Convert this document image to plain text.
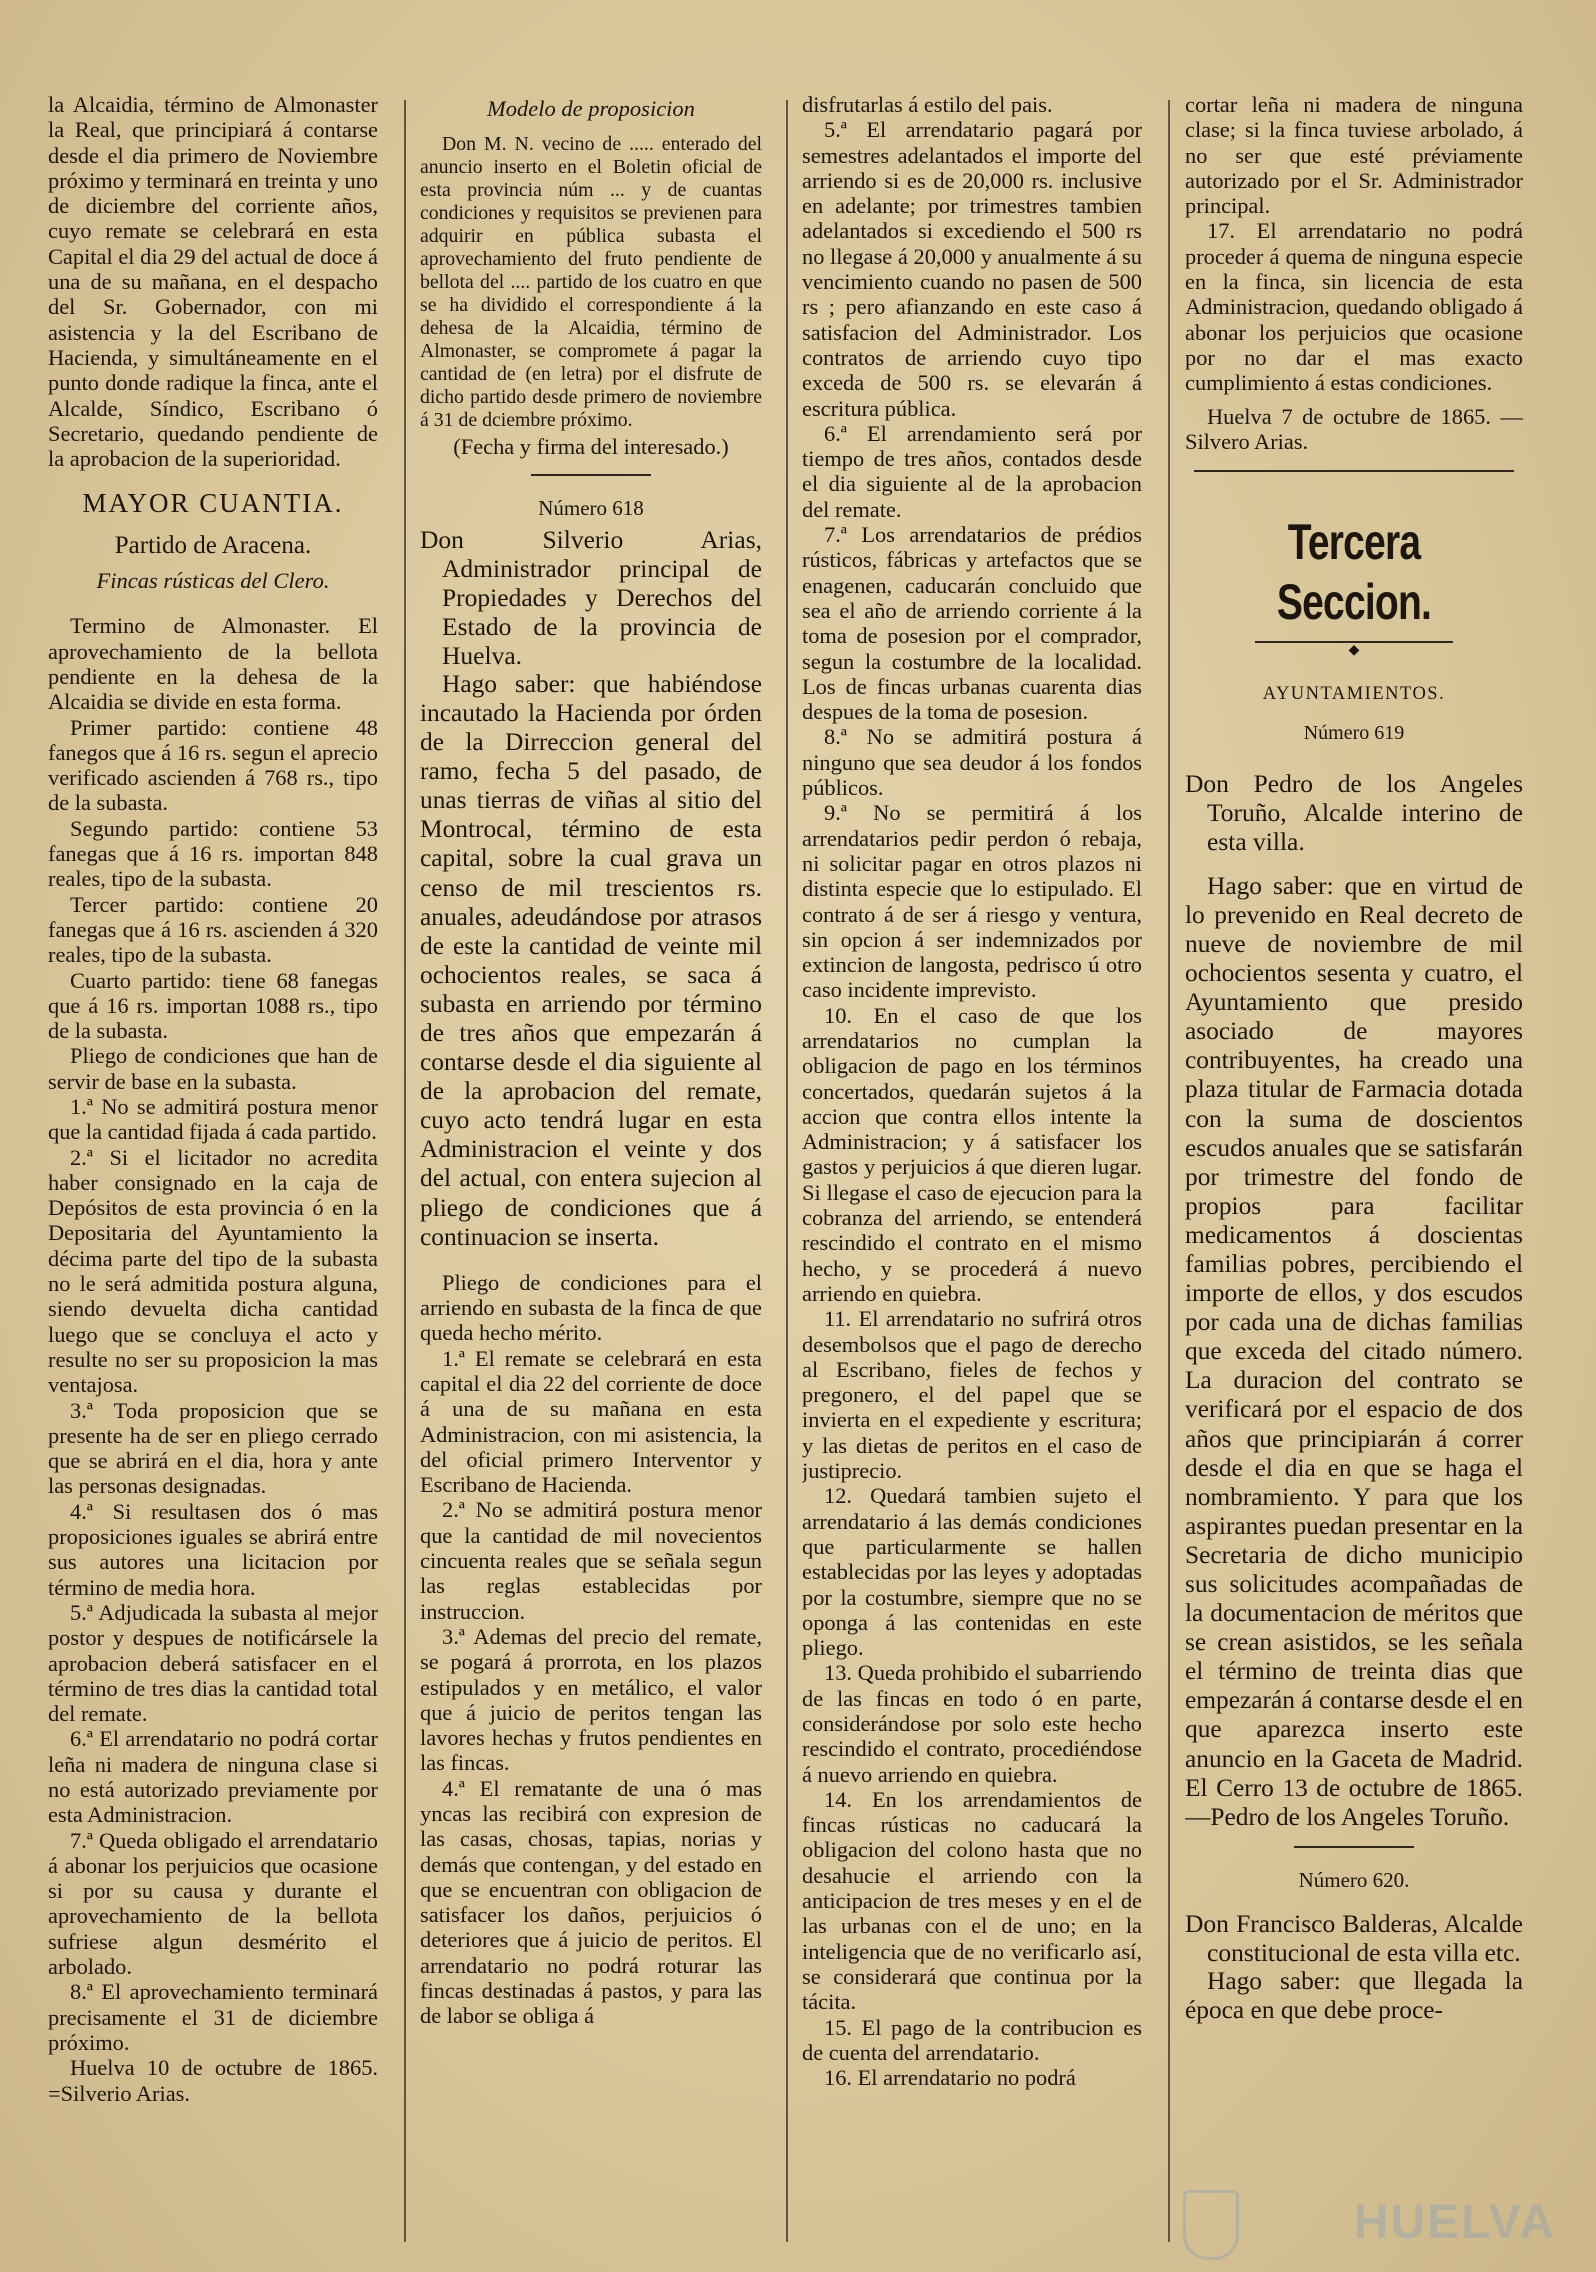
la Alcaidia, término de Almonaster la Real, que principiará á contarse desde el dia primero de Noviembre próximo y terminará en treinta y uno de diciembre del corriente años, cuyo remate se celebrará en esta Capital el dia 29 del actual de doce á una de su mañana, en el despacho del Sr. Gobernador, con mi asistencia y la del Escribano de Hacienda, y simultáneamente en el punto donde radique la finca, ante el Alcalde, Síndico, Escribano ó Secretario, quedando pendiente de la aprobacion de la superioridad.

MAYOR CUANTIA.
Partido de Aracena.
Fincas rústicas del Clero.

Termino de Almonaster. El aprovechamiento de la bellota pendiente en la dehesa de la Alcaidia se divide en esta forma.

Primer partido: contiene 48 fanegos que á 16 rs. segun el aprecio verificado ascienden á 768 rs., tipo de la subasta.

Segundo partido: contiene 53 fanegas que á 16 rs. importan 848 reales, tipo de la subasta.

Tercer partido: contiene 20 fanegas que á 16 rs. ascienden á 320 reales, tipo de la subasta.

Cuarto partido: tiene 68 fanegas que á 16 rs. importan 1088 rs., tipo de la subasta.

Pliego de condiciones que han de servir de base en la subasta.

1.ª No se admitirá postura menor que la cantidad fijada á cada partido.

2.ª Si el licitador no acredita haber consignado en la caja de Depósitos de esta provincia ó en la Depositaria del Ayuntamiento la décima parte del tipo de la subasta no le será admitida postura alguna, siendo devuelta dicha cantidad luego que se concluya el acto y resulte no ser su proposicion la mas ventajosa.

3.ª Toda proposicion que se presente ha de ser en pliego cerrado que se abrirá en el dia, hora y ante las personas designadas.

4.ª Si resultasen dos ó mas proposiciones iguales se abrirá entre sus autores una licitacion por término de media hora.

5.ª Adjudicada la subasta al mejor postor y despues de notificársele la aprobacion deberá satisfacer en el término de tres dias la cantidad total del remate.

6.ª El arrendatario no podrá cortar leña ni madera de ninguna clase si no está autorizado previamente por esta Administracion.

7.ª Queda obligado el arrendatario á abonar los perjuicios que ocasione si por su causa y durante el aprovechamiento de la bellota sufriese algun desmérito el arbolado.

8.ª El aprovechamiento terminará precisamente el 31 de diciembre próximo.

Huelva 10 de octubre de 1865. =Silverio Arias.

Modelo de proposicion

Don M. N. vecino de ..... enterado del anuncio inserto en el Boletin oficial de esta provincia núm ... y de cuantas condiciones y requisitos se previenen para adquirir en pública subasta el aprovechamiento del fruto pendiente de bellota del .... partido de los cuatro en que se ha dividido el correspondiente á la dehesa de la Alcaidia, término de Almonaster, se compromete á pagar la cantidad de (en letra) por el disfrute de dicho partido desde primero de noviembre á 31 de dciembre próximo.

(Fecha y firma del interesado.)

Número 618
Don Silverio Arias, Administrador principal de Propiedades y Derechos del Estado de la provincia de Huelva.

Hago saber: que habiéndose incautado la Hacienda por órden de la Dirreccion general del ramo, fecha 5 del pasado, de unas tierras de viñas al sitio del Montrocal, término de esta capital, sobre la cual grava un censo de mil trescientos rs. anuales, adeudándose por atrasos de este la cantidad de veinte mil ochocientos reales, se saca á subasta en arriendo por término de tres años que empezarán á contarse desde el dia siguiente al de la aprobacion del remate, cuyo acto tendrá lugar en esta Administracion el veinte y dos del actual, con entera sujecion al pliego de condiciones que á continuacion se inserta.

Pliego de condiciones para el arriendo en subasta de la finca de que queda hecho mérito.

1.ª El remate se celebrará en esta capital el dia 22 del corriente de doce á una de su mañana en esta Administracion, con mi asistencia, la del oficial primero Interventor y Escribano de Hacienda.

2.ª No se admitirá postura menor que la cantidad de mil novecientos cincuenta reales que se señala segun las reglas establecidas por instruccion.

3.ª Ademas del precio del remate, se pogará á prorrota, en los plazos estipulados y en metálico, el valor que á juicio de peritos tengan las lavores hechas y frutos pendientes en las fincas.

4.ª El rematante de una ó mas yncas las recibirá con expresion de las casas, chosas, tapias, norias y demás que contengan, y del estado en que se encuentran con obligacion de satisfacer los daños, perjuicios ó deteriores que á juicio de peritos. El arrendatario no podrá roturar las fincas destinadas á pastos, y para las de labor se obliga á

disfrutarlas á estilo del pais.

5.ª El arrendatario pagará por semestres adelantados el importe del arriendo si es de 20,000 rs. inclusive en adelante; por trimestres tambien adelantados si excediendo el 500 rs no llegase á 20,000 y anualmente á su vencimiento cuando no pasen de 500 rs ; pero afianzando en este caso á satisfacion del Administrador. Los contratos de arriendo cuyo tipo exceda de 500 rs. se elevarán á escritura pública.

6.ª El arrendamiento será por tiempo de tres años, contados desde el dia siguiente al de la aprobacion del remate.

7.ª Los arrendatarios de prédios rústicos, fábricas y artefactos que se enagenen, caducarán concluido que sea el año de arriendo corriente á la toma de posesion por el comprador, segun la costumbre de la localidad. Los de fincas urbanas cuarenta dias despues de la toma de posesion.

8.ª No se admitirá postura á ninguno que sea deudor á los fondos públicos.

9.ª No se permitirá á los arrendatarios pedir perdon ó rebaja, ni solicitar pagar en otros plazos ni distinta especie que lo estipulado. El contrato á de ser á riesgo y ventura, sin opcion á ser indemnizados por extincion de langosta, pedrisco ú otro caso incidente imprevisto.

10. En el caso de que los arrendatarios no cumplan la obligacion de pago en los términos concertados, quedarán sujetos á la accion que contra ellos intente la Administracion; y á satisfacer los gastos y perjuicios á que dieren lugar. Si llegase el caso de ejecucion para la cobranza del arriendo, se entenderá rescindido el contrato en el mismo hecho, y se procederá á nuevo arriendo en quiebra.

11. El arrendatario no sufrirá otros desembolsos que el pago de derecho al Escribano, fieles de fechos y pregonero, el del papel que se invierta en el expediente y escritura; y las dietas de peritos en el caso de justiprecio.

12. Quedará tambien sujeto el arrendatario á las demás condiciones que particularmente se hallen establecidas por las leyes y adoptadas por la costumbre, siempre que no se oponga á las contenidas en este pliego.

13. Queda prohibido el subarriendo de las fincas en todo ó en parte, considerándose por solo este hecho rescindido el contrato, procediéndose á nuevo arriendo en quiebra.

14. En los arrendamientos de fincas rústicas no caducará la obligacion del colono hasta que no desahucie el arriendo con la anticipacion de tres meses y en el de las urbanas con el de uno; en la inteligencia que de no verificarlo así, se considerará que continua por la tácita.

15. El pago de la contribucion es de cuenta del arrendatario.

16. El arrendatario no podrá

cortar leña ni madera de ninguna clase; si la finca tuviese arbolado, á no ser que esté préviamente autorizado por el Sr. Administrador principal.

17. El arrendatario no podrá proceder á quema de ninguna especie en la finca, sin licencia de esta Administracion, quedando obligado á abonar los perjuicios que ocasione por no dar el mas exacto cumplimiento á estas condiciones.

Huelva 7 de octubre de 1865. —Silvero Arias.

Tercera Seccion.
◆
AYUNTAMIENTOS.
Número 619
Don Pedro de los Angeles Toruño, Alcalde interino de esta villa.

Hago saber: que en virtud de lo prevenido en Real decreto de nueve de noviembre de mil ochocientos sesenta y cuatro, el Ayuntamiento que presido asociado de mayores contribuyentes, ha creado una plaza titular de Farmacia dotada con la suma de doscientos escudos anuales que se satisfarán por trimestre del fondo de propios para facilitar medicamentos á doscientas familias pobres, percibiendo el importe de ellos, y dos escudos por cada una de dichas familias que exceda del citado número. La duracion del contrato se verificará por el espacio de dos años que principiarán á correr desde el dia en que se haga el nombramiento. Y para que los aspirantes puedan presentar en la Secretaria de dicho municipio sus solicitudes acompañadas de la documentacion de méritos que se crean asistidos, se les señala el término de treinta dias que empezarán á contarse desde el en que aparezca inserto este anuncio en la Gaceta de Madrid. El Cerro 13 de octubre de 1865. —Pedro de los Angeles Toruño.

Número 620.
Don Francisco Balderas, Alcalde constitucional de esta villa etc.

Hago saber: que llegada la época en que debe proce-

HUELVA
